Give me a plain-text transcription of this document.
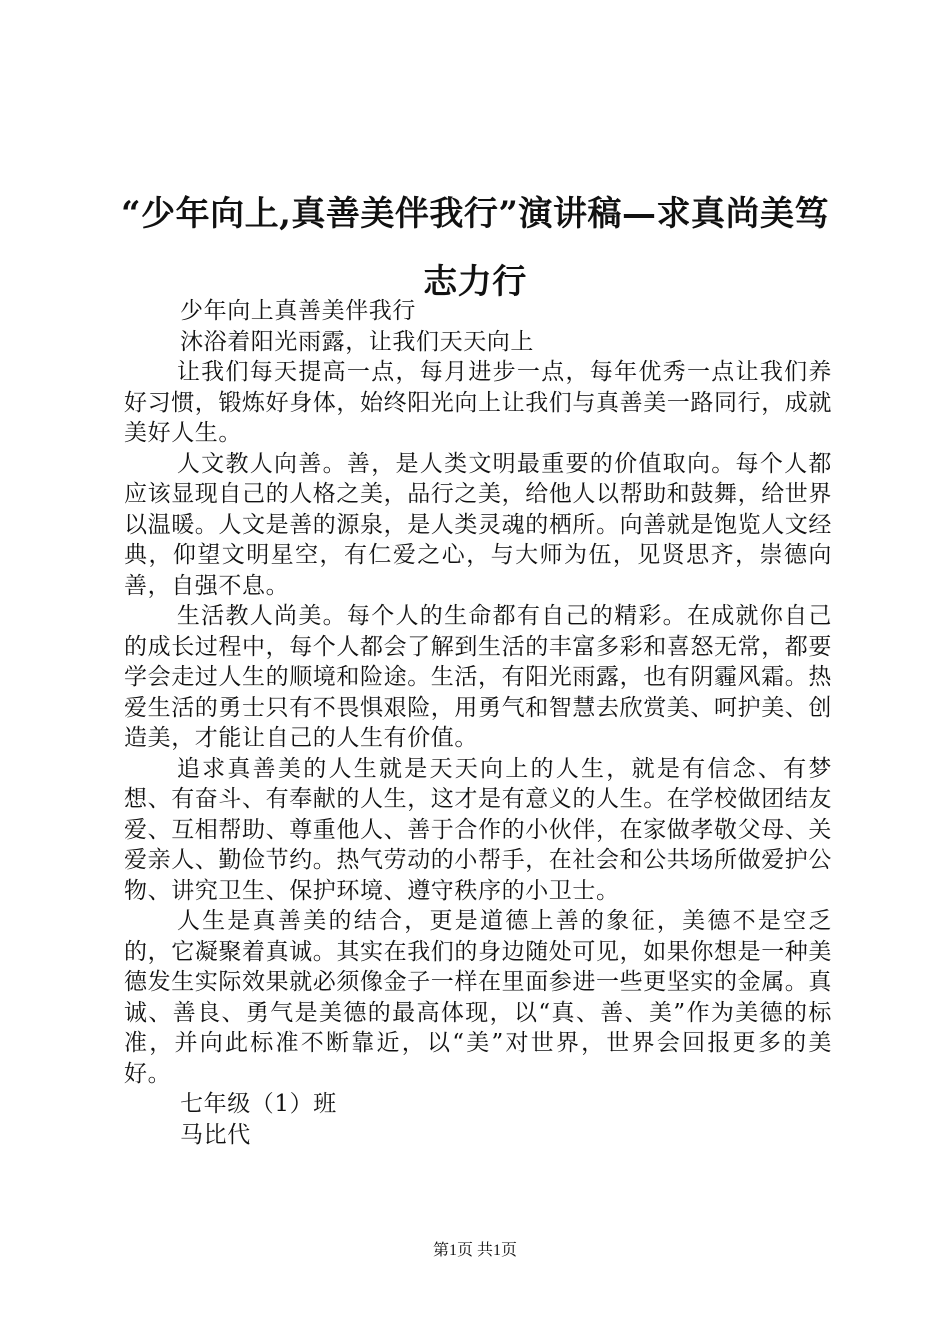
“少年向上,真善美伴我行”演讲稿—求真尚美笃志力行

少年向上真善美伴我行

沐浴着阳光雨露，让我们天天向上

让我们每天提高一点，每月进步一点，每年优秀一点让我们养好习惯，锻炼好身体，始终阳光向上让我们与真善美一路同行，成就美好人生。

人文教人向善。善，是人类文明最重要的价值取向。每个人都应该显现自己的人格之美，品行之美，给他人以帮助和鼓舞，给世界以温暖。人文是善的源泉，是人类灵魂的栖所。向善就是饱览人文经典，仰望文明星空，有仁爱之心，与大师为伍，见贤思齐，崇德向善，自强不息。

生活教人尚美。每个人的生命都有自己的精彩。在成就你自己的成长过程中，每个人都会了解到生活的丰富多彩和喜怒无常，都要学会走过人生的顺境和险途。生活，有阳光雨露，也有阴霾风霜。热爱生活的勇士只有不畏惧艰险，用勇气和智慧去欣赏美、呵护美、创造美，才能让自己的人生有价值。

追求真善美的人生就是天天向上的人生，就是有信念、有梦想、有奋斗、有奉献的人生，这才是有意义的人生。在学校做团结友爱、互相帮助、尊重他人、善于合作的小伙伴，在家做孝敬父母、关爱亲人、勤俭节约。热气劳动的小帮手，在社会和公共场所做爱护公物、讲究卫生、保护环境、遵守秩序的小卫士。

人生是真善美的结合，更是道德上善的象征，美德不是空乏的，它凝聚着真诚。其实在我们的身边随处可见，如果你想是一种美德发生实际效果就必须像金子一样在里面参进一些更坚实的金属。真诚、善良、勇气是美德的最高体现，以“真、善、美”作为美德的标准，并向此标准不断靠近，以“美”对世界，世界会回报更多的美好。

七年级（1）班

马比代

第1页 共1页
